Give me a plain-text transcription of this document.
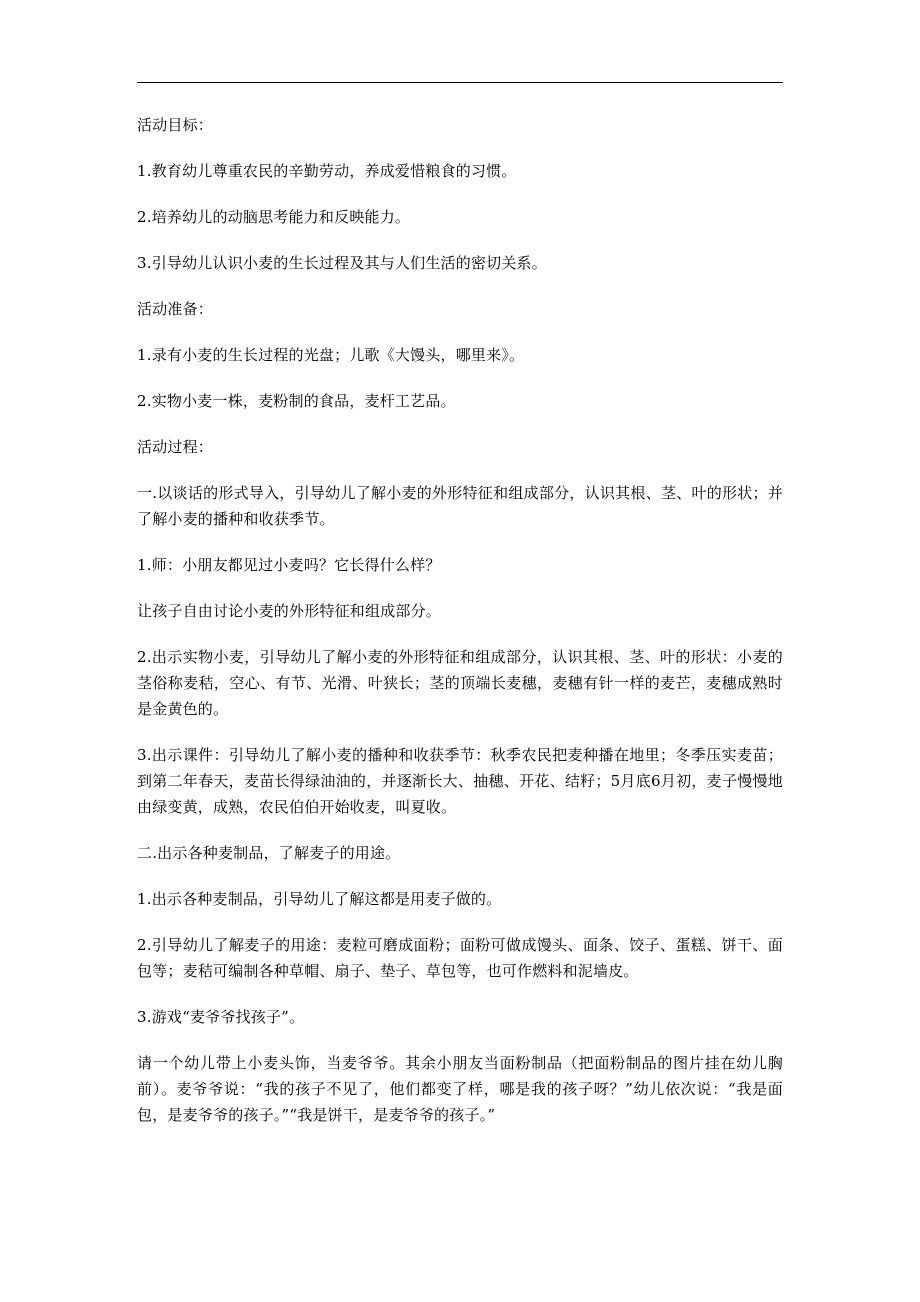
活动目标：

1.教育幼儿尊重农民的辛勤劳动，养成爱惜粮食的习惯。

2.培养幼儿的动脑思考能力和反映能力。

3.引导幼儿认识小麦的生长过程及其与人们生活的密切关系。

活动准备：

1.录有小麦的生长过程的光盘；儿歌《大馒头，哪里来》。

2.实物小麦一株，麦粉制的食品，麦杆工艺品。

活动过程：

一.以谈话的形式导入，引导幼儿了解小麦的外形特征和组成部分，认识其根、茎、叶的形状；并了解小麦的播种和收获季节。

1.师：小朋友都见过小麦吗？它长得什么样？

让孩子自由讨论小麦的外形特征和组成部分。

2.出示实物小麦，引导幼儿了解小麦的外形特征和组成部分，认识其根、茎、叶的形状：小麦的茎俗称麦秸，空心、有节、光滑、叶狭长；茎的顶端长麦穗，麦穗有针一样的麦芒，麦穗成熟时是金黄色的。

3.出示课件：引导幼儿了解小麦的播种和收获季节：秋季农民把麦种播在地里；冬季压实麦苗；到第二年春天，麦苗长得绿油油的，并逐渐长大、抽穗、开花、结籽；5月底6月初，麦子慢慢地由绿变黄，成熟，农民伯伯开始收麦，叫夏收。

二.出示各种麦制品，了解麦子的用途。

1.出示各种麦制品，引导幼儿了解这都是用麦子做的。

2.引导幼儿了解麦子的用途：麦粒可磨成面粉；面粉可做成馒头、面条、饺子、蛋糕、饼干、面包等；麦秸可编制各种草帽、扇子、垫子、草包等，也可作燃料和泥墙皮。

3.游戏“麦爷爷找孩子”。

请一个幼儿带上小麦头饰，当麦爷爷。其余小朋友当面粉制品（把面粉制品的图片挂在幼儿胸前）。麦爷爷说：“我的孩子不见了，他们都变了样，哪是我的孩子呀？”幼儿依次说：“我是面包，是麦爷爷的孩子。”“我是饼干，是麦爷爷的孩子。”
